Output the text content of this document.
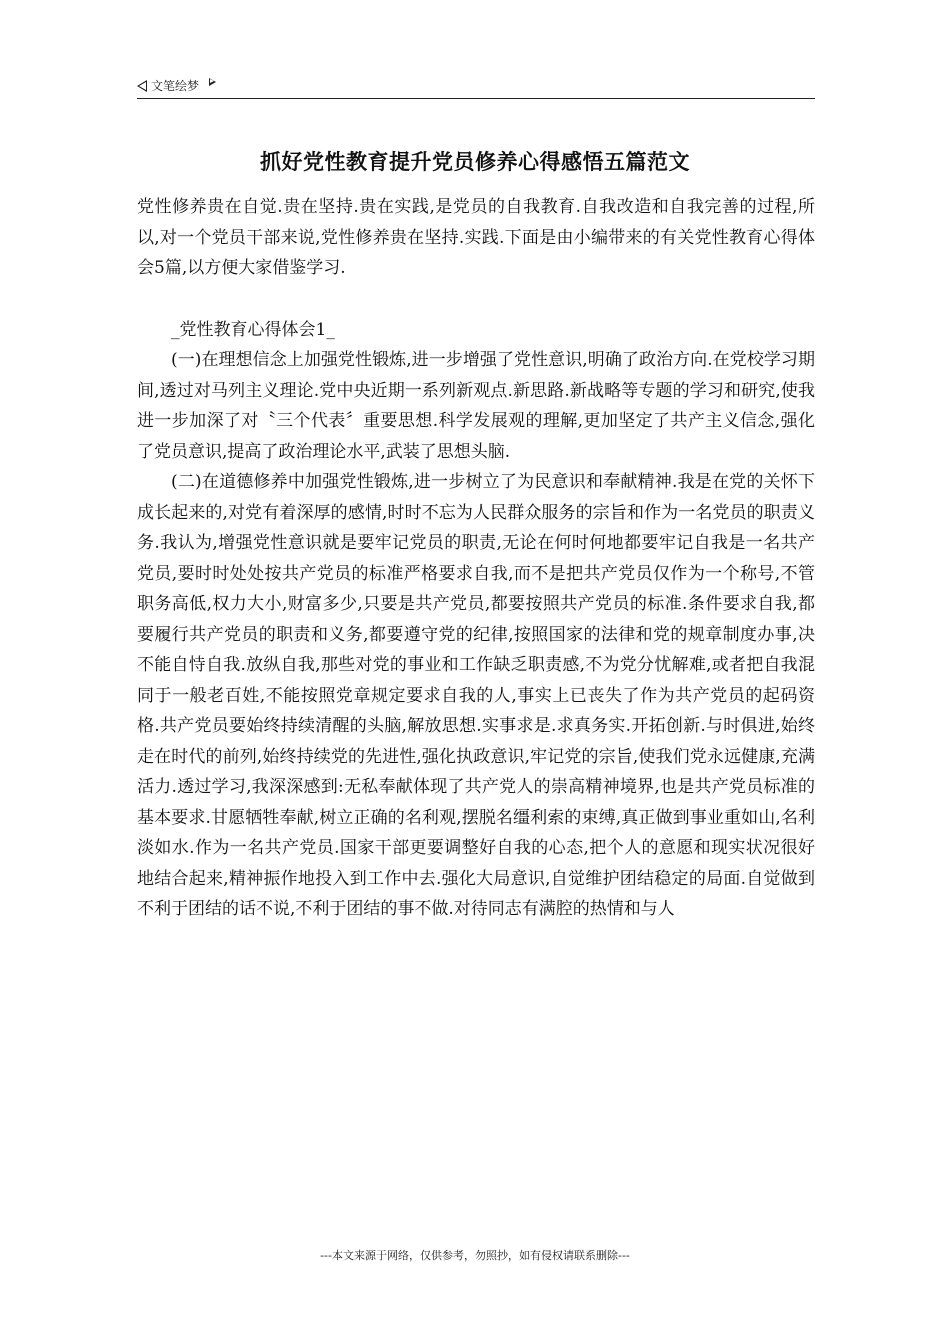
文笔绘梦
抓好党性教育提升党员修养心得感悟五篇范文

党性修养贵在自觉.贵在坚持.贵在实践,是党员的自我教育.自我改造和自我完善的过程,所以,对一个党员干部来说,党性修养贵在坚持.实践.下面是由小编带来的有关党性教育心得体会5篇,以方便大家借鉴学习.

_党性教育心得体会1_

(一)在理想信念上加强党性锻炼,进一步增强了党性意识,明确了政治方向.在党校学习期间,透过对马列主义理论.党中央近期一系列新观点.新思路.新战略等专题的学习和研究,使我进一步加深了对〝三个代表〞重要思想.科学发展观的理解,更加坚定了共产主义信念,强化了党员意识,提高了政治理论水平,武装了思想头脑.

(二)在道德修养中加强党性锻炼,进一步树立了为民意识和奉献精神.我是在党的关怀下成长起来的,对党有着深厚的感情,时时不忘为人民群众服务的宗旨和作为一名党员的职责义务.我认为,增强党性意识就是要牢记党员的职责,无论在何时何地都要牢记自我是一名共产党员,要时时处处按共产党员的标准严格要求自我,而不是把共产党员仅作为一个称号,不管职务高低,权力大小,财富多少,只要是共产党员,都要按照共产党员的标准.条件要求自我,都要履行共产党员的职责和义务,都要遵守党的纪律,按照国家的法律和党的规章制度办事,决不能自恃自我.放纵自我,那些对党的事业和工作缺乏职责感,不为党分忧解难,或者把自我混同于一般老百姓,不能按照党章规定要求自我的人,事实上已丧失了作为共产党员的起码资格.共产党员要始终持续清醒的头脑,解放思想.实事求是.求真务实.开拓创新.与时俱进,始终走在时代的前列,始终持续党的先进性,强化执政意识,牢记党的宗旨,使我们党永远健康,充满活力.透过学习,我深深感到:无私奉献体现了共产党人的崇高精神境界,也是共产党员标准的基本要求.甘愿牺牲奉献,树立正确的名利观,摆脱名缰利索的束缚,真正做到事业重如山,名利淡如水.作为一名共产党员.国家干部更要调整好自我的心态,把个人的意愿和现实状况很好地结合起来,精神振作地投入到工作中去.强化大局意识,自觉维护团结稳定的局面.自觉做到不利于团结的话不说,不利于团结的事不做.对待同志有满腔的热情和与人

---本文来源于网络，仅供参考，勿照抄，如有侵权请联系删除---
